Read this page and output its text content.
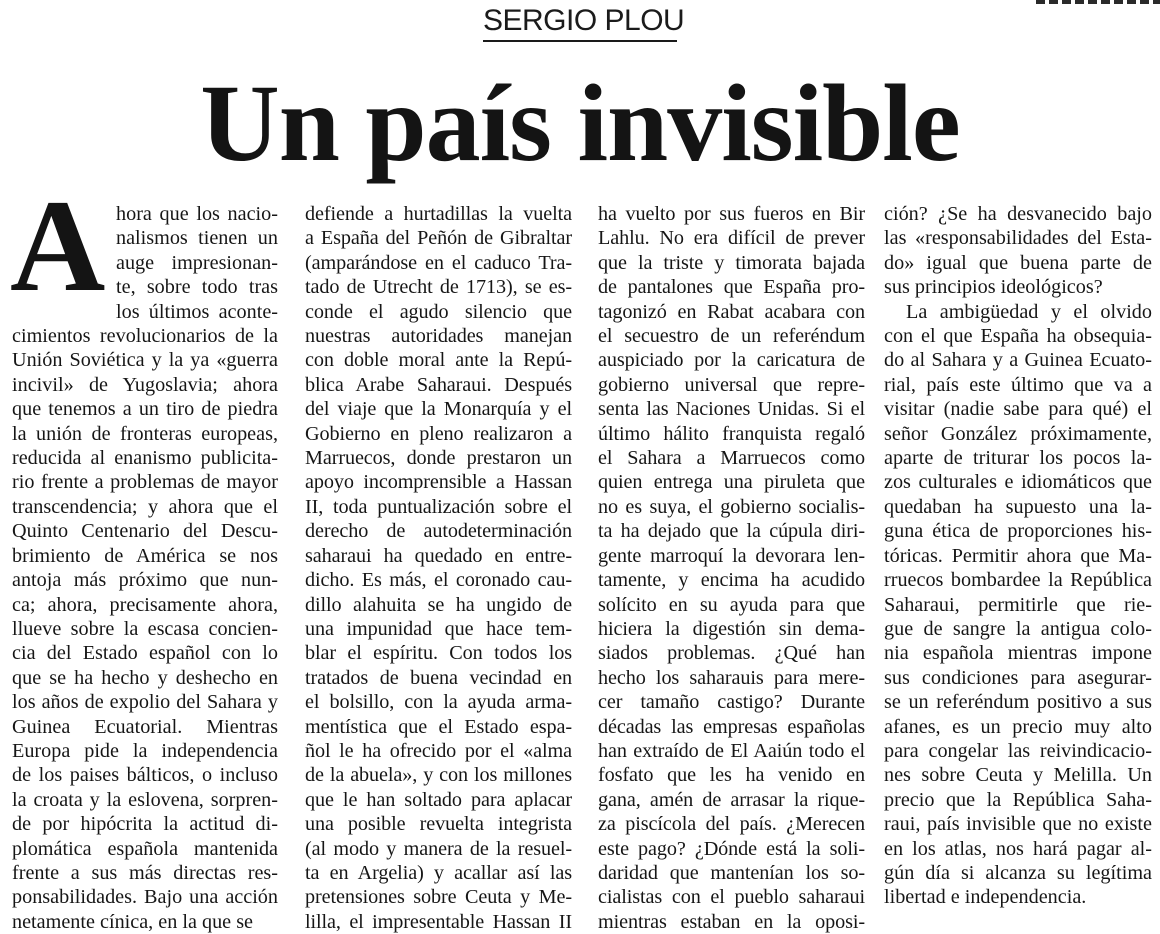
SERGIO PLOU
Un país invisible
A hora que los nacio-
nalismos tienen un
auge impresionan-
te, sobre todo tras
los últimos aconte-
cimientos revolucionarios de la
Unión Soviética y la ya «guerra
incivil» de Yugoslavia; ahora
que tenemos a un tiro de piedra
la unión de fronteras europeas,
reducida al enanismo publicita-
rio frente a problemas de mayor
transcendencia; y ahora que el
Quinto Centenario del Descu-
brimiento de América se nos
antoja más próximo que nun-
ca; ahora, precisamente ahora,
llueve sobre la escasa concien-
cia del Estado español con lo
que se ha hecho y deshecho en
los años de expolio del Sahara y
Guinea Ecuatorial. Mientras
Europa pide la independencia
de los paises bálticos, o incluso
la croata y la eslovena, sorpren-
de por hipócrita la actitud di-
plomática española mantenida
frente a sus más directas res-
ponsabilidades. Bajo una acción
netamente cínica, en la que se
defiende a hurtadillas la vuelta
a España del Peñón de Gibraltar
(amparándose en el caduco Tra-
tado de Utrecht de 1713), se es-
conde el agudo silencio que
nuestras autoridades manejan
con doble moral ante la Repú-
blica Arabe Saharaui. Después
del viaje que la Monarquía y el
Gobierno en pleno realizaron a
Marruecos, donde prestaron un
apoyo incomprensible a Hassan
II, toda puntualización sobre el
derecho de autodeterminación
saharaui ha quedado en entre-
dicho. Es más, el coronado cau-
dillo alahuita se ha ungido de
una impunidad que hace tem-
blar el espíritu. Con todos los
tratados de buena vecindad en
el bolsillo, con la ayuda arma-
mentística que el Estado espa-
ñol le ha ofrecido por el «alma
de la abuela», y con los millones
que le han soltado para aplacar
una posible revuelta integrista
(al modo y manera de la resuel-
ta en Argelia) y acallar así las
pretensiones sobre Ceuta y Me-
lilla, el impresentable Hassan II
ha vuelto por sus fueros en Bir
Lahlu. No era difícil de prever
que la triste y timorata bajada
de pantalones que España pro-
tagonizó en Rabat acabara con
el secuestro de un referéndum
auspiciado por la caricatura de
gobierno universal que repre-
senta las Naciones Unidas. Si el
último hálito franquista regaló
el Sahara a Marruecos como
quien entrega una piruleta que
no es suya, el gobierno socialis-
ta ha dejado que la cúpula diri-
gente marroquí la devorara len-
tamente, y encima ha acudido
solícito en su ayuda para que
hiciera la digestión sin dema-
siados problemas. ¿Qué han
hecho los saharauis para mere-
cer tamaño castigo? Durante
décadas las empresas españolas
han extraído de El Aaiún todo el
fosfato que les ha venido en
gana, amén de arrasar la rique-
za piscícola del país. ¿Merecen
este pago? ¿Dónde está la soli-
daridad que mantenían los so-
cialistas con el pueblo saharaui
mientras estaban en la oposi-
ción? ¿Se ha desvanecido bajo
las «responsabilidades del Esta-
do» igual que buena parte de
sus principios ideológicos?
La ambigüedad y el olvido
con el que España ha obsequia-
do al Sahara y a Guinea Ecuato-
rial, país este último que va a
visitar (nadie sabe para qué) el
señor González próximamente,
aparte de triturar los pocos la-
zos culturales e idiomáticos que
quedaban ha supuesto una la-
guna ética de proporciones his-
tóricas. Permitir ahora que Ma-
rruecos bombardee la República
Saharaui, permitirle que rie-
gue de sangre la antigua colo-
nia española mientras impone
sus condiciones para asegurar-
se un referéndum positivo a sus
afanes, es un precio muy alto
para congelar las reivindicacio-
nes sobre Ceuta y Melilla. Un
precio que la República Saha-
raui, país invisible que no existe
en los atlas, nos hará pagar al-
gún día si alcanza su legítima
libertad e independencia.
